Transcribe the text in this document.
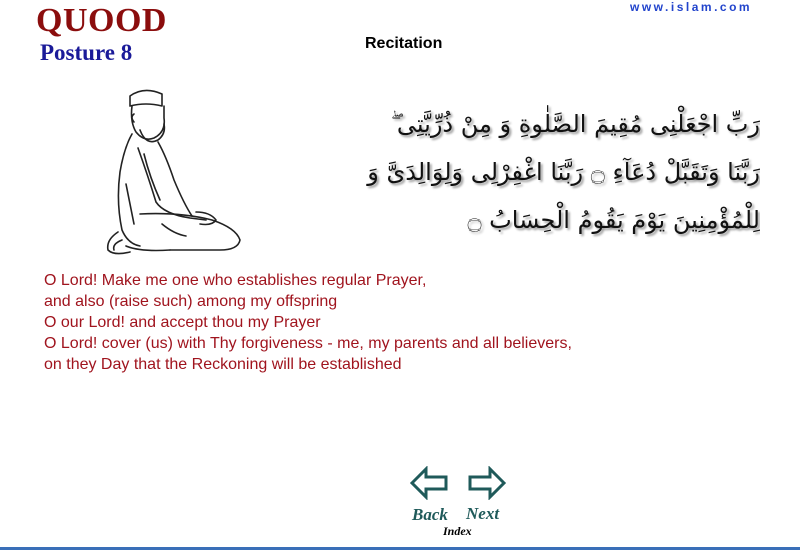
QUOOD
Posture 8
www.islam.com
Recitation
رَبِّ اجْعَلْنِى مُقِيمَ الصَّلٰوةِ وَ مِنْ ذُرِّيَّتِى ۖ
رَبَّنَا وَتَقَبَّلْ دُعَآءِ ۝ رَبَّنَا اغْفِرْلِى وَلِوَالِدَىَّ وَ
لِلْمُؤْمِنِينَ يَوْمَ يَقُومُ الْحِسَابُ ۝
O Lord! Make me one who establishes regular Prayer,
and also (raise such) among my offspring
O our Lord! and accept thou my Prayer
O Lord! cover (us) with Thy forgiveness - me, my parents and all believers,
on they Day that the Reckoning will be established
Back Next
Index
